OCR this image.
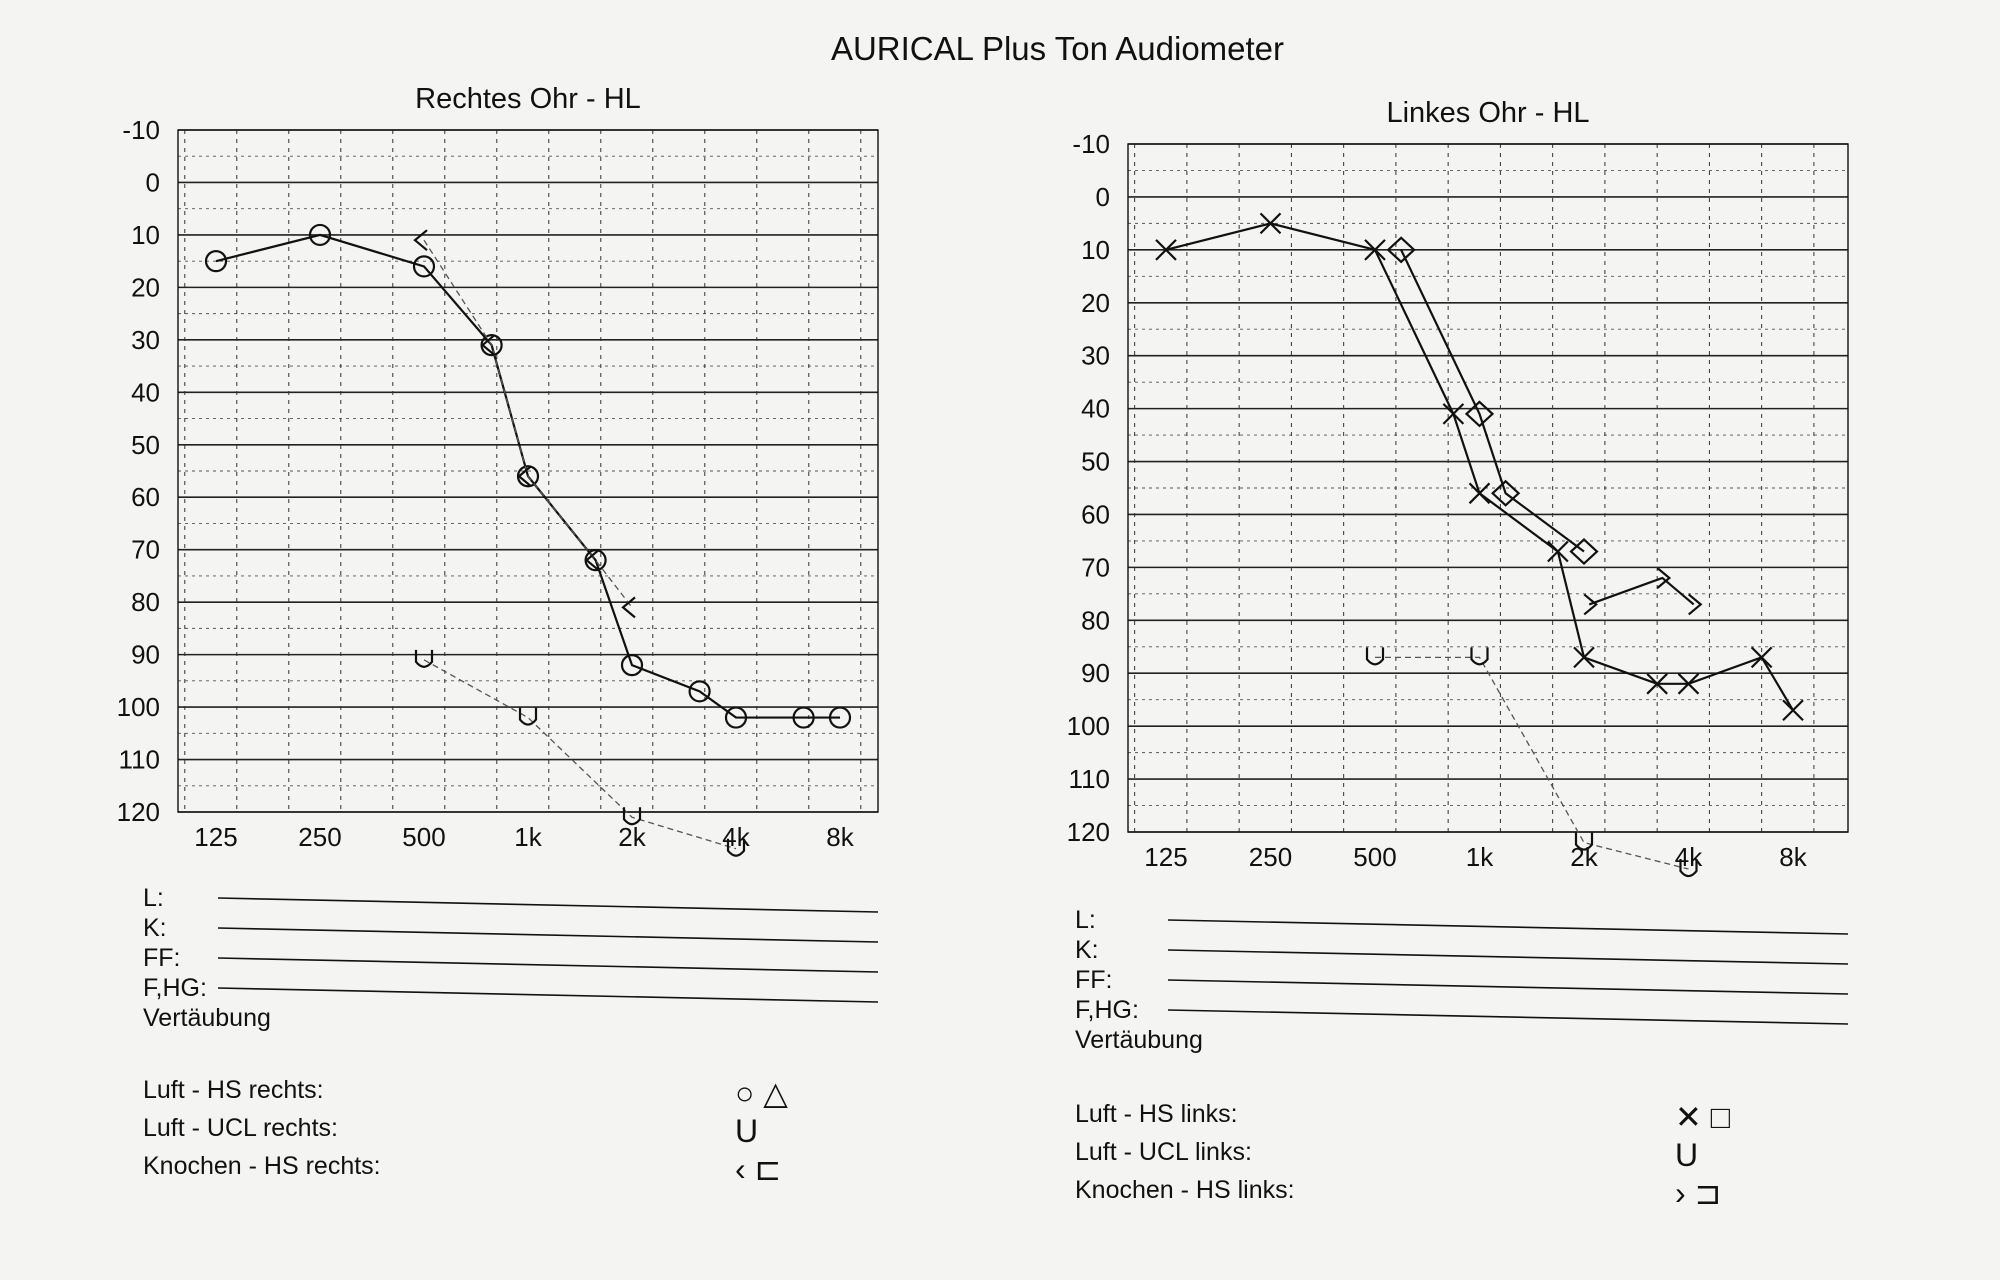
AURICAL Plus Ton Audiometer
Rechtes Ohr - HL
-10
0
10
20
30
40
50
60
70
80
90
100
110
120
125 250 500	1k	2k	4k	8k
L:
K:
FF:
F,HG:
Vertäubung
Luft - HS rechts:	○ △
Luft - UCL rechts:	U
Knochen - HS rechts:	‹ ⊏
Linkes Ohr - HL
-10
0
10
20
30
40
50
60
70
80
90
100
110
120
125 250 500	1k	2k	4k	8k
L:
K:
FF:
F,HG:
Vertäubung
Luft - HS links:	✕ □
Luft - UCL links:	U
Knochen - HS links:	› ⊐
